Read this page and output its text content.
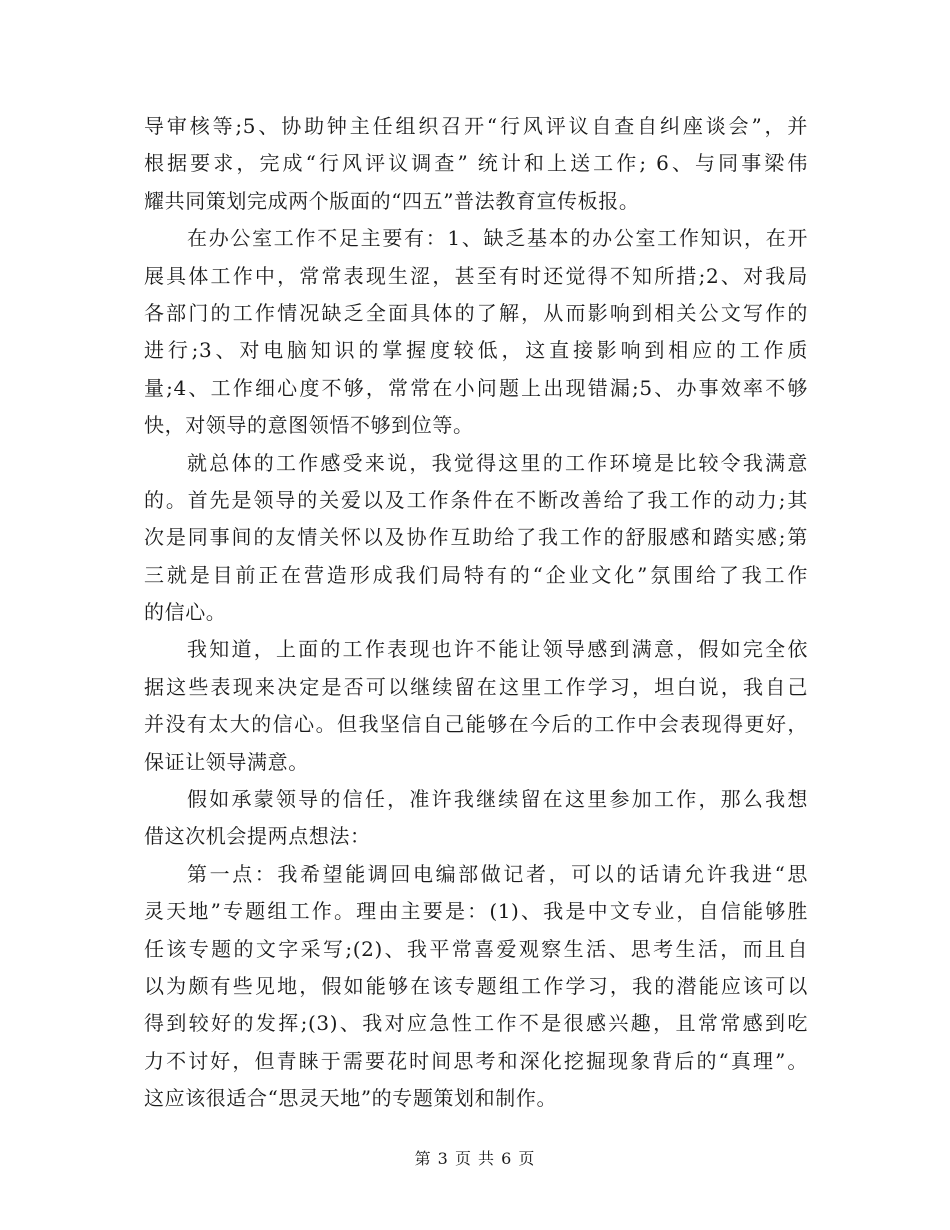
导审核等;5、协助钟主任组织召开“行风评议自查自纠座谈会”，并
根据要求，完成“行风评议调查” 统计和上送工作; 6、与同事梁伟
耀共同策划完成两个版面的“四五”普法教育宣传板报。
在办公室工作不足主要有：1、缺乏基本的办公室工作知识，在开
展具体工作中，常常表现生涩，甚至有时还觉得不知所措;2、对我局
各部门的工作情况缺乏全面具体的了解，从而影响到相关公文写作的
进行;3、对电脑知识的掌握度较低，这直接影响到相应的工作质
量;4、工作细心度不够，常常在小问题上出现错漏;5、办事效率不够
快，对领导的意图领悟不够到位等。
就总体的工作感受来说，我觉得这里的工作环境是比较令我满意
的。首先是领导的关爱以及工作条件在不断改善给了我工作的动力;其
次是同事间的友情关怀以及协作互助给了我工作的舒服感和踏实感;第
三就是目前正在营造形成我们局特有的“企业文化”氛围给了我工作
的信心。
我知道，上面的工作表现也许不能让领导感到满意，假如完全依
据这些表现来决定是否可以继续留在这里工作学习，坦白说，我自己
并没有太大的信心。但我坚信自己能够在今后的工作中会表现得更好，
保证让领导满意。
假如承蒙领导的信任，准许我继续留在这里参加工作，那么我想
借这次机会提两点想法：
第一点：我希望能调回电编部做记者，可以的话请允许我进“思
灵天地”专题组工作。理由主要是：(1)、我是中文专业，自信能够胜
任该专题的文字采写;(2)、我平常喜爱观察生活、思考生活，而且自
以为颇有些见地，假如能够在该专题组工作学习，我的潜能应该可以
得到较好的发挥;(3)、我对应急性工作不是很感兴趣，且常常感到吃
力不讨好，但青睐于需要花时间思考和深化挖掘现象背后的“真理”。
这应该很适合“思灵天地”的专题策划和制作。
第 3 页 共 6 页
